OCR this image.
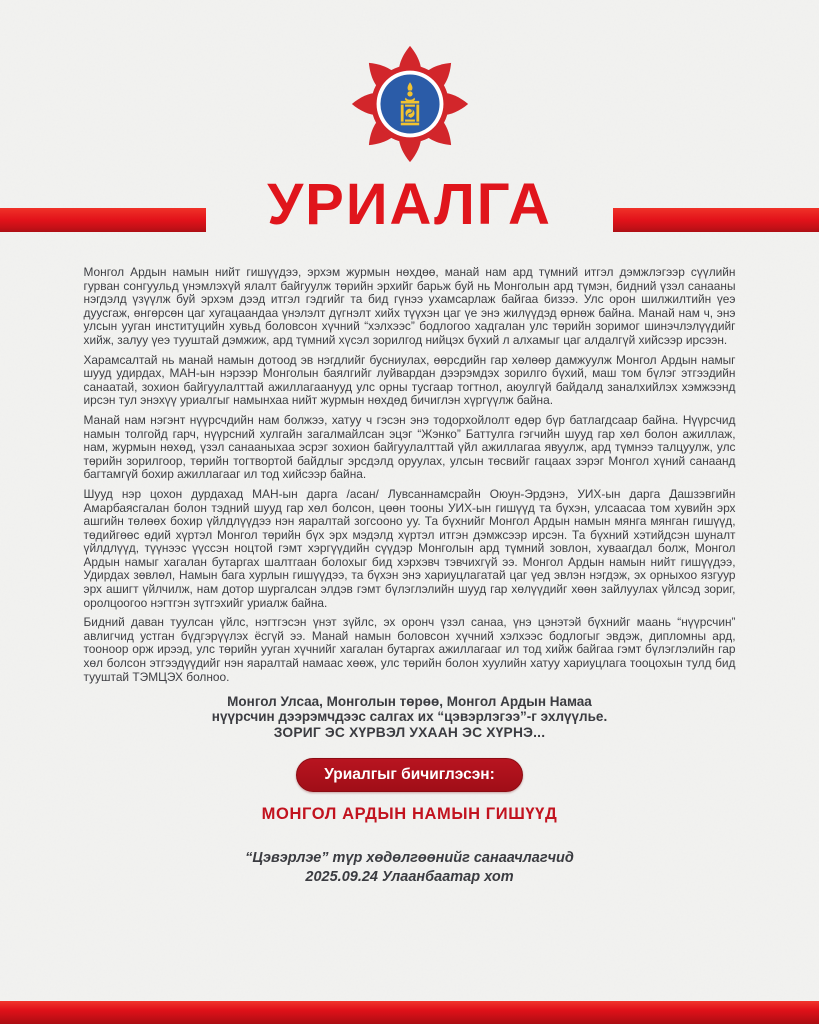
УРИАЛГА

Монгол Ардын намын нийт гишүүдээ, эрхэм журмын нөхдөө, манай нам ард түмний итгэл дэмжлэгээр сүүлийн гурван сонгуульд үнэмлэхүй ялалт байгуулж төрийн эрхийг барьж буй нь Монголын ард түмэн, бидний үзэл санааны нэгдэлд үзүүлж буй эрхэм дээд итгэл гэдгийг та бид гүнээ ухамсарлаж байгаа бизээ. Улс орон шилжилтийн үеэ дуусгаж, өнгөрсөн цаг хугацаандаа үнэлэлт дүгнэлт хийх түүхэн цаг үе энэ жилүүдэд өрнөж байна. Манай нам ч, энэ улсын ууган институцийн хувьд боловсон хүчний “хэлхээс” бодлогоо хадгалан улс төрийн зоримог шинэчлэлүүдийг хийж, залуу үеэ тууштай дэмжиж, ард түмний хүсэл зорилгод нийцэх бүхий л алхамыг цаг алдалгүй хийсээр ирсээн.

Харамсалтай нь манай намын дотоод эв нэгдлийг бусниулах, өөрсдийн гар хөлөөр дамжуулж Монгол Ардын намыг шууд удирдах, МАН-ын нэрээр Монголын баялгийг луйвардан дээрэмдэх зорилго бүхий, маш том бүлэг этгээдийн санаатай, зохион байгуулалттай ажиллагаанууд улс орны тусгаар тогтнол, аюулгүй байдалд заналхийлэх хэмжээнд ирсэн тул энэхүү уриалгыг намынхаа нийт журмын нөхдөд бичиглэн хүргүүлж байна.

Манай нам нэгэнт нүүрсчдийн нам болжээ, хатуу ч гэсэн энэ тодорхойлолт өдөр бүр батлагдсаар байна. Нүүрсчид намын толгойд гарч, нүүрсний хулгайн загалмайлсан эцэг “Жэнко” Баттулга гэгчийн шууд гар хөл болон ажиллаж, нам, журмын нөхөд, үзэл санааныхаа эсрэг зохион байгуулалттай үйл ажиллагаа явуулж, ард түмнээ талцуулж, улс төрийн зорилгоор, төрийн тогтвортой байдлыг эрсдэлд оруулах, улсын төсвийг гацаах зэрэг Монгол хүний санаанд багтамгүй бохир ажиллагааг ил тод хийсээр байна.

Шууд нэр цохон дурдахад МАН-ын дарга /асан/ Лувсаннамсрайн Оюун-Эрдэнэ, УИХ-ын дарга Дашзэвгийн Амарбаясгалан болон тэдний шууд гар хөл болсон, цөөн тооны УИХ-ын гишүүд та бүхэн, улсаасаа том хувийн эрх ашгийн төлөөх бохир үйлдлүүдээ нэн яаралтай зогсооно уу. Та бүхнийг Монгол Ардын намын мянга мянган гишүүд, төдийгөөс өдий хүртэл Монгол төрийн бүх эрх мэдэлд хүртэл итгэн дэмжсээр ирсэн. Та бүхний хэтийдсэн шуналт үйлдлүүд, түүнээс үүссэн ноцтой гэмт хэргүүдийн сүүдэр Монголын ард түмний зовлон, хуваагдал болж, Монгол Ардын намыг хагалан бутаргах шалтгаан болохыг бид хэрхэвч тэвчихгүй ээ. Монгол Ардын намын нийт гишүүдээ, Удирдах зөвлөл, Намын бага хурлын гишүүдээ, та бүхэн энэ хариуцлагатай цаг үед эвлэн нэгдэж, эх орныхоо язгуур эрх ашигт үйлчилж, нам дотор шургалсан элдэв гэмт бүлэглэлийн шууд гар хөлүүдийг хөөн зайлуулах үйлсэд зориг, оролцоогоо нэгтгэн зүтгэхийг уриалж байна.

Бидний даван туулсан үйлс, нэгтгэсэн үнэт зүйлс, эх оронч үзэл санаа, үнэ цэнэтэй бүхнийг маань “нүүрсчин” авлигчид устган бүдгэрүүлэх ёсгүй ээ. Манай намын боловсон хүчний хэлхээс бодлогыг эвдэж, дипломны ард, тооноор орж ирээд, улс төрийн ууган хүчнийг хагалан бутаргах ажиллагааг ил тод хийж байгаа гэмт бүлэглэлийн гар хөл болсон этгээдүүдийг нэн яаралтай намаас хөөж, улс төрийн болон хуулийн хатуу хариуцлага тооцохын тулд бид тууштай ТЭМЦЭХ болноо.

Монгол Улсаа, Монголын төрөө, Монгол Ардын Намаа
нүүрсчин дээрэмчдээс салгах их “цэвэрлэгээ”-г эхлүүлье.
ЗОРИГ ЭС ХҮРВЭЛ УХААН ЭС ХҮРНЭ...
Уриалгыг бичиглэсэн:
МОНГОЛ АРДЫН НАМЫН ГИШҮҮД
“Цэвэрлэе” түр хөдөлгөөнийг санаачлагчид
2025.09.24 Улаанбаатар хот
